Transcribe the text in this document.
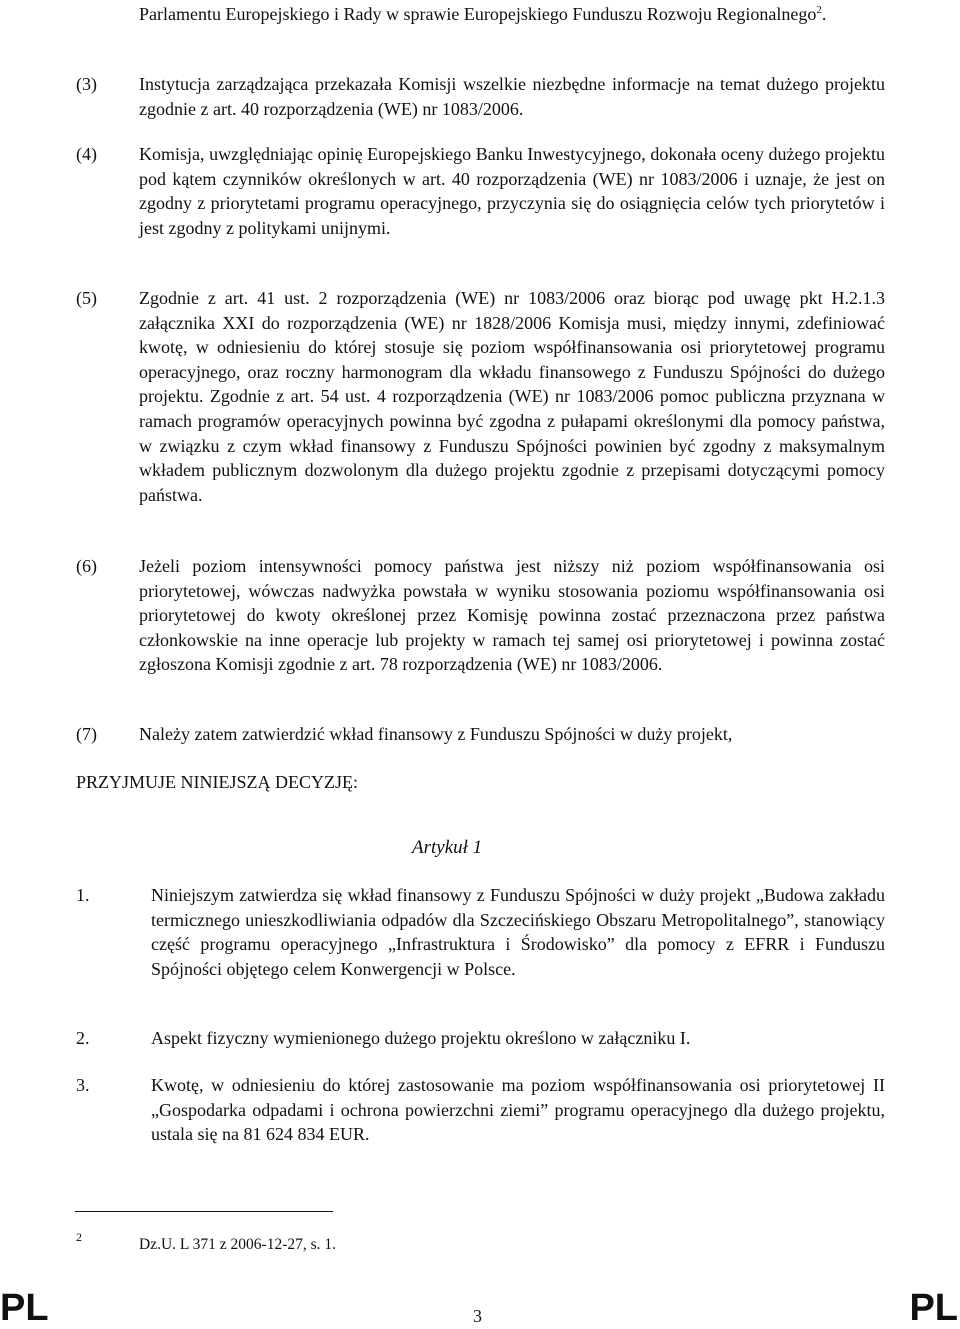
Parlamentu Europejskiego i Rady w sprawie Europejskiego Funduszu Rozwoju Regionalnego$^2$.

(3) Instytucja zarządzająca przekazała Komisji wszelkie niezbędne informacje na temat dużego projektu zgodnie z art. 40 rozporządzenia (WE) nr 1083/2006.

(4) Komisja, uwzględniając opinię Europejskiego Banku Inwestycyjnego, dokonała oceny dużego projektu pod kątem czynników określonych w art. 40 rozporządzenia (WE) nr 1083/2006 i uznaje, że jest on zgodny z priorytetami programu operacyjnego, przyczynia się do osiągnięcia celów tych priorytetów i jest zgodny z politykami unijnymi.

(5) Zgodnie z art. 41 ust. 2 rozporządzenia (WE) nr 1083/2006 oraz biorąc pod uwagę pkt H.2.1.3 załącznika XXI do rozporządzenia (WE) nr 1828/2006 Komisja musi, między innymi, zdefiniować kwotę, w odniesieniu do której stosuje się poziom współfinansowania osi priorytetowej programu operacyjnego, oraz roczny harmonogram dla wkładu finansowego z Funduszu Spójności do dużego projektu. Zgodnie z art. 54 ust. 4 rozporządzenia (WE) nr 1083/2006 pomoc publiczna przyznana w ramach programów operacyjnych powinna być zgodna z pułapami określonymi dla pomocy państwa, w związku z czym wkład finansowy z Funduszu Spójności powinien być zgodny z maksymalnym wkładem publicznym dozwolonym dla dużego projektu zgodnie z przepisami dotyczącymi pomocy państwa.

(6) Jeżeli poziom intensywności pomocy państwa jest niższy niż poziom współfinansowania osi priorytetowej, wówczas nadwyżka powstała w wyniku stosowania poziomu współfinansowania osi priorytetowej do kwoty określonej przez Komisję powinna zostać przeznaczona przez państwa członkowskie na inne operacje lub projekty w ramach tej samej osi priorytetowej i powinna zostać zgłoszona Komisji zgodnie z art. 78 rozporządzenia (WE) nr 1083/2006.

(7) Należy zatem zatwierdzić wkład finansowy z Funduszu Spójności w duży projekt,

PRZYJMUJE NINIEJSZĄ DECYZJĘ:

Artykuł 1

1.	Niniejszym zatwierdza się wkład finansowy z Funduszu Spójności w duży projekt „Budowa zakładu termicznego unieszkodliwiania odpadów dla Szczecińskiego Obszaru Metropolitalnego”, stanowiący część programu operacyjnego „Infrastruktura i Środowisko” dla pomocy z EFRR i Funduszu Spójności objętego celem Konwergencji w Polsce.

2.	Aspekt fizyczny wymienionego dużego projektu określono w załączniku I.

3.	Kwotę, w odniesieniu do której zastosowanie ma poziom współfinansowania osi priorytetowej II „Gospodarka odpadami i ochrona powierzchni ziemi” programu operacyjnego dla dużego projektu, ustala się na 81 624 834 EUR.

2	Dz.U. L 371 z 2006-12-27, s. 1.

PL	3	PL
